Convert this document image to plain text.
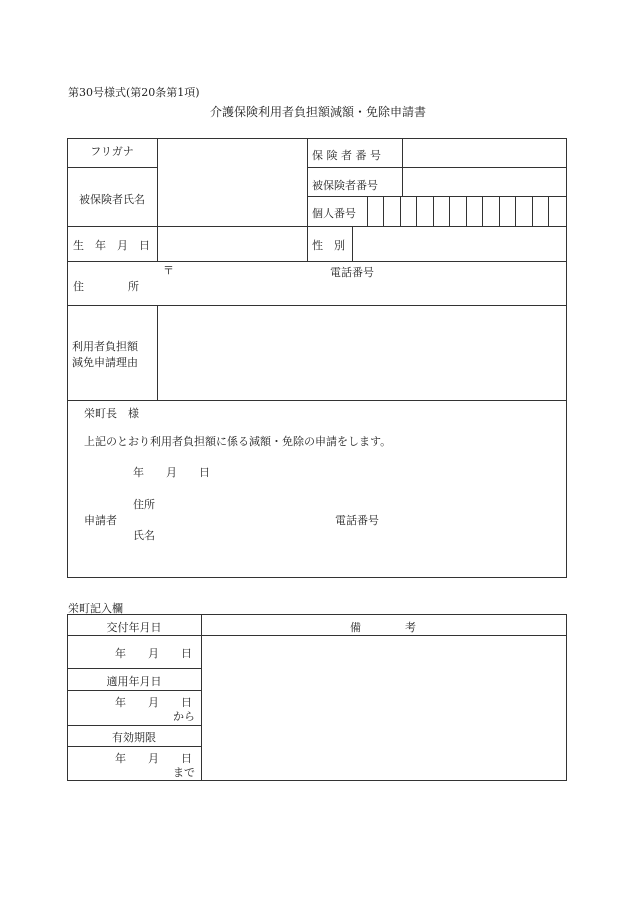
第30号様式(第20条第1項)
介護保険利用者負担額減額・免除申請書
フリガナ
被保険者氏名
保 険 者 番 号
被保険者番号
個人番号
生　年　月　日	性　別
住　　　　所
〒	電話番号
利用者負担額
減免申請理由
栄町長　様
上記のとおり利用者負担額に係る減額・免除の申請をします。
年　　月　　日
住所
申請者	電話番号
氏名
栄町記入欄
交付年月日	備　　　　考
年　　月　　日
適用年月日
年　　月　　日
から
有効期限
年　　月　　日
まで
